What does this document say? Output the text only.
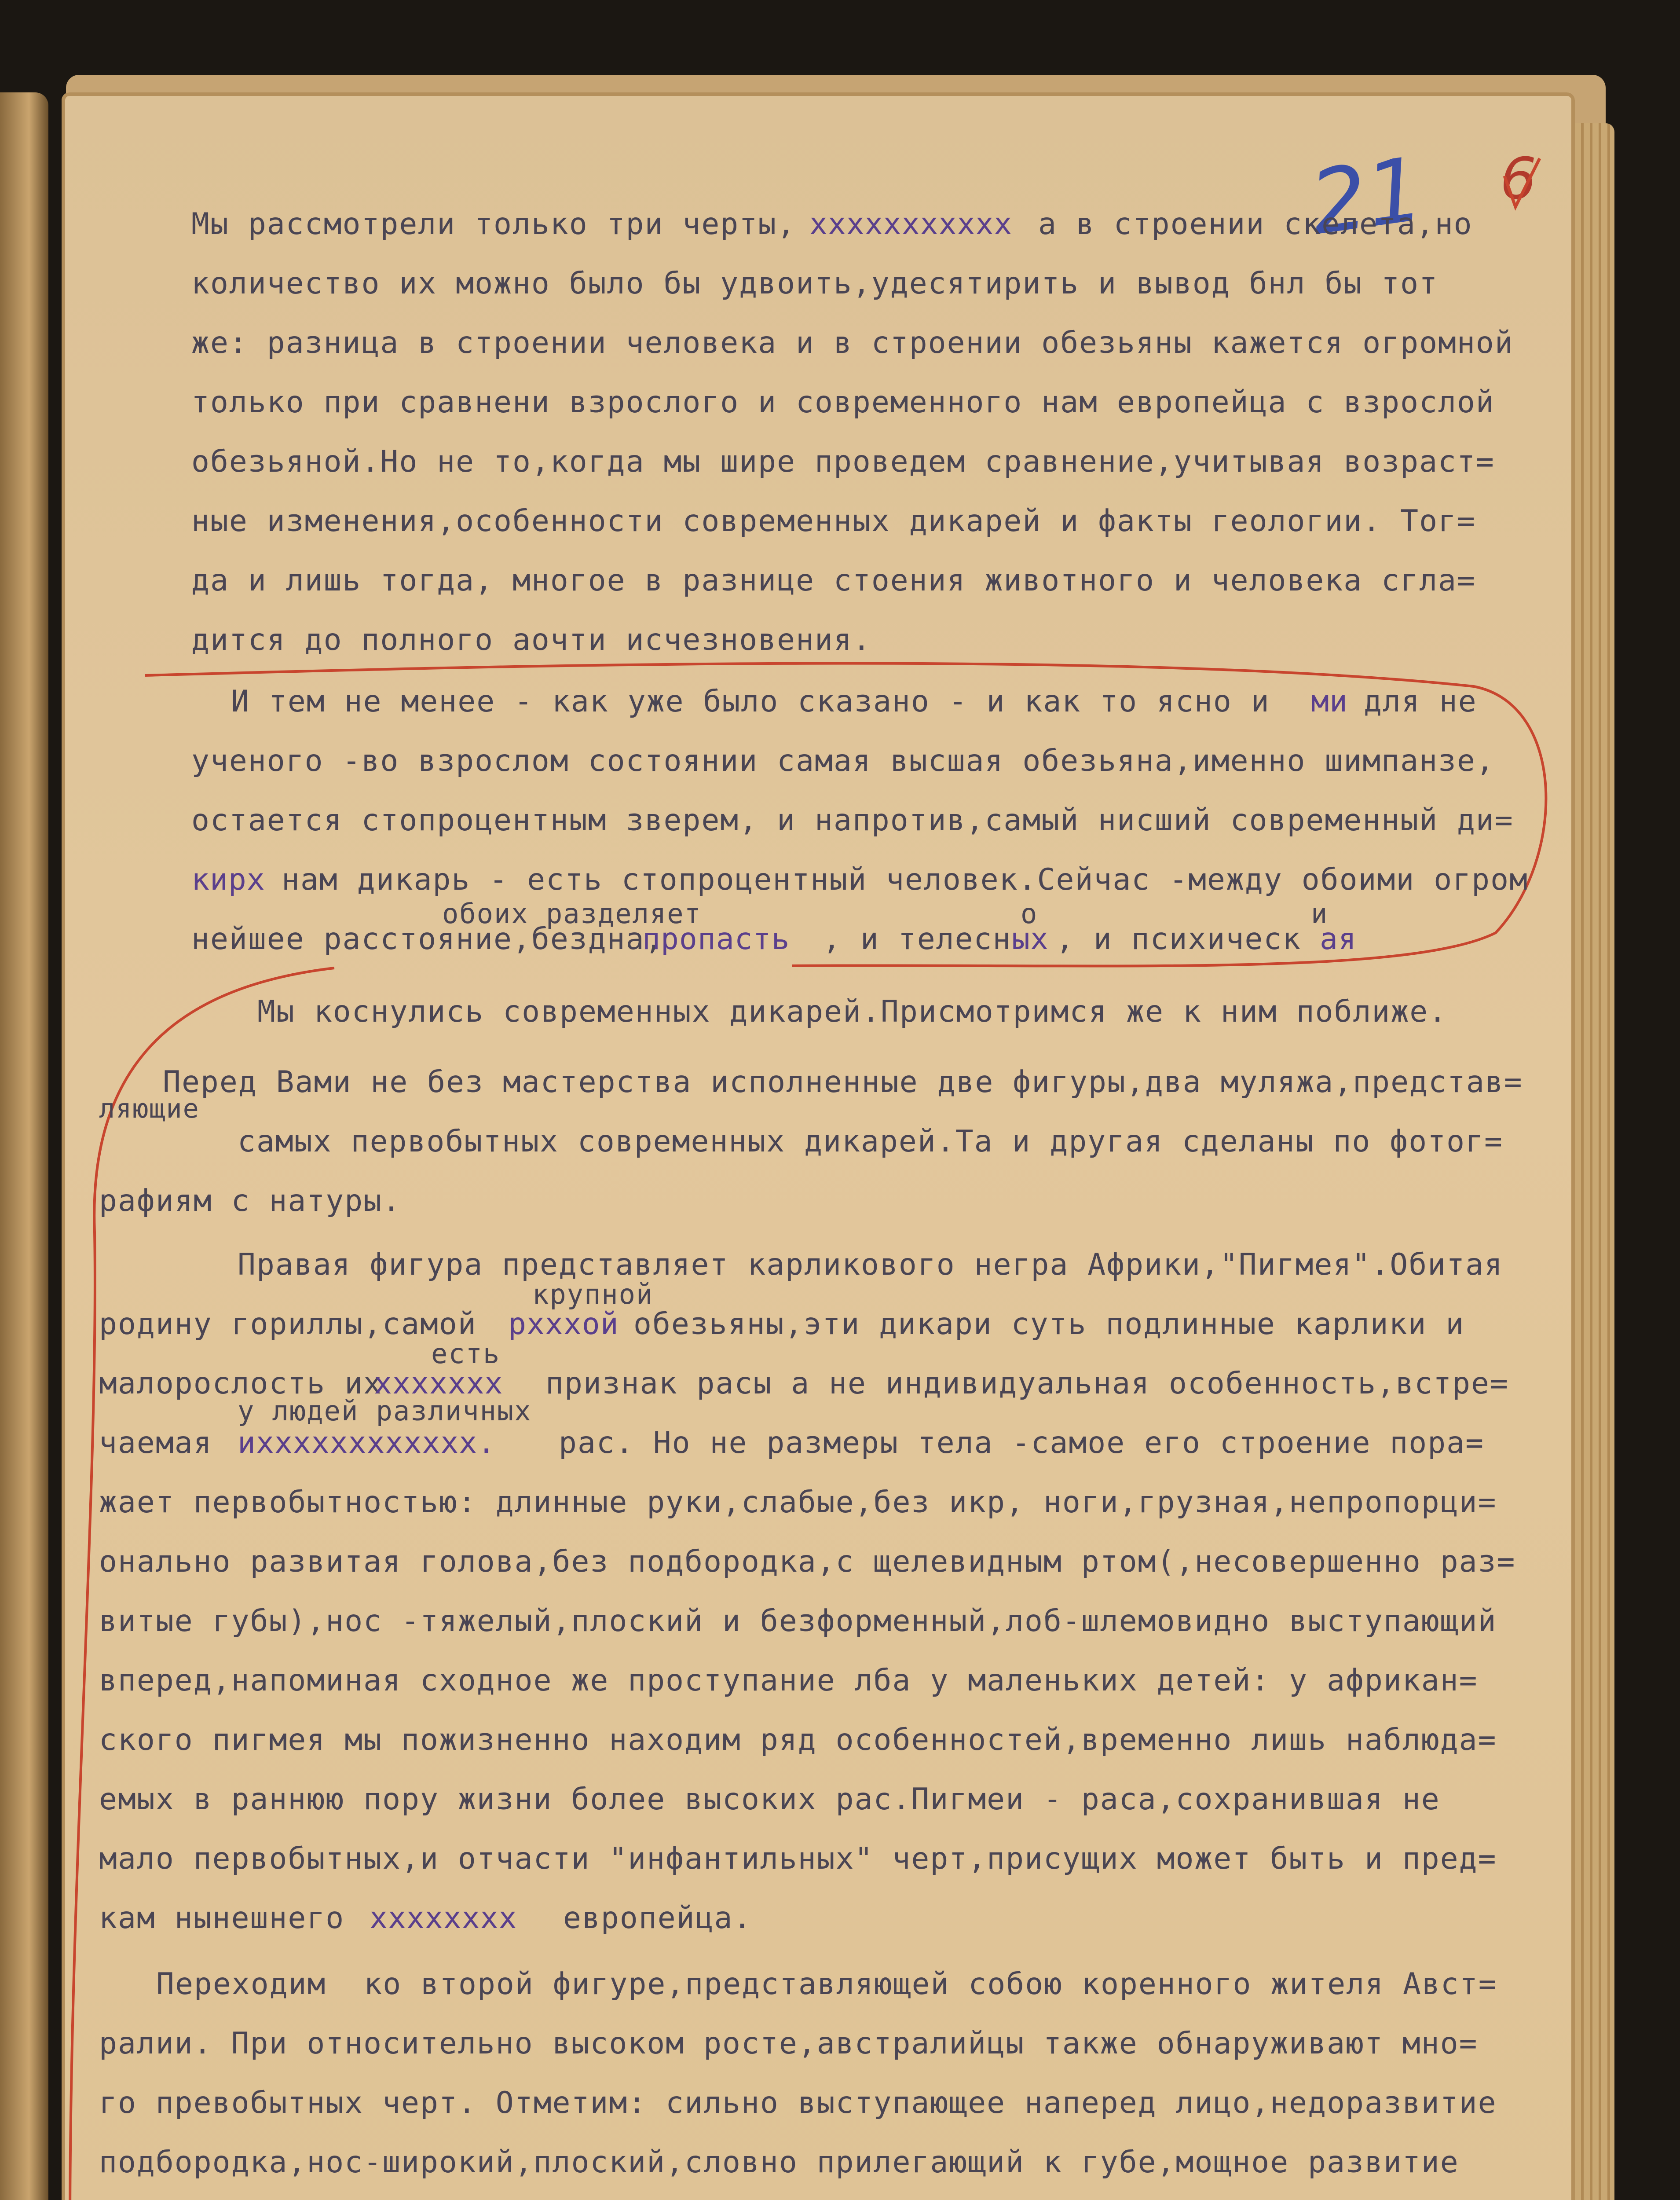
21 6
Мы рассмотрели только три черты, ххххххххххх а в строении скелета,но
количество их можно было бы удвоить,удесятирить и вывод бнл бы тот
же: разница в строении человека и в строении обезьяны кажется огромной
только при сравнени взрослого и современного нам европейца с взрослой
обезьяной.Но не то,когда мы шире проведем сравнение,учитывая возраст=
ные изменения,особенности современных дикарей и факты геологии. Тог=
да и лишь тогда, многое в разнице стоения животного и человека сгла=
дится до полного аочти исчезновения.
И тем не менее - как уже было сказано - и как то ясно и ми для не
ученого -во взрослом состоянии самая высшая обезьяна,именно шимпанзе,
остается стопроцентным зверем, и напротив,самый нисший современный ди=
кирх нам дикарь - есть стопроцентный человек.Сейчас -между обоими огром
обоих разделяет	о	и
нейшее расстояние,бездна,
пропасть , и телесн ых , и психическ ая
Мы коснулись современных дикарей.Присмотримся же к ним поближе.
Перед Вами не без мастерства исполненные две фигуры,два муляжа,представ=
ляющие
самых первобытных современных дикарей.Та и другая сделаны по фотог=
рафиям с натуры.
Правая фигура представляет карликового негра Африки,"Пигмея".Обитая
крупной
родину гориллы,самой рхххой обезьяны,эти дикари суть подлинные карлики и
есть
малорослость их
ххххххх признак расы а не индивидуальная особенность,встре=
у людей различных
чаемая ихххххххххххх. рас. Но не размеры тела -самое его строение пора=
жает первобытностью: длинные руки,слабые,без икр, ноги,грузная,непропорци=
онально развитая голова,без подбородка,с щелевидным ртом(,несовершенно раз=
витые губы),нос -тяжелый,плоский и безформенный,лоб-шлемовидно выступающий
вперед,напоминая сходное же проступание лба у маленьких детей: у африкан=
ского пигмея мы пожизненно находим ряд особенностей,временно лишь наблюда=
емых в раннюю пору жизни более высоких рас.Пигмеи - раса,сохранившая не
мало первобытных,и отчасти "инфантильных" черт,присущих может быть и пред=
кам нынешнего хххххххх европейца.
Переходим  ко второй фигуре,представляющей собою коренного жителя Авст=
ралии. При относительно высоком росте,австралийцы также обнаруживают мно=
го превобытных черт. Отметим: сильно выступающее наперед лицо,недоразвитие
подбородка,нос-широкий,плоский,словно прилегающий к губе,мощное развитие
